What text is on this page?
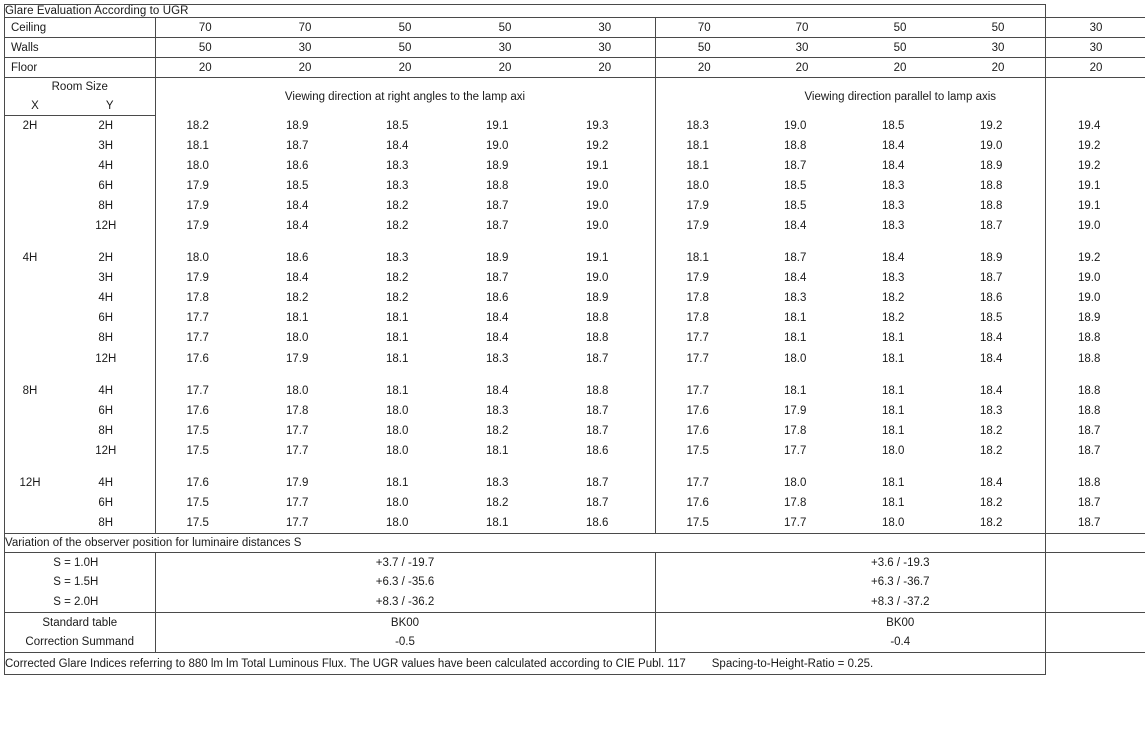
Glare Evaluation According to UGR											
Ceiling		70	70	50	50	30	70	70	50	50	30
Walls		50	30	50	30	30	50	30	50	30	30
Floor		20	20	20	20	20	20	20	20	20	20
Room Size		Viewing direction at right angles to the lamp axi					Viewing direction parallel to lamp axis				
X	Y										
2H	2H	18.2	18.9	18.5	19.1	19.3	18.3	19.0	18.5	19.2	19.4
	3H	18.1	18.7	18.4	19.0	19.2	18.1	18.8	18.4	19.0	19.2
	4H	18.0	18.6	18.3	18.9	19.1	18.1	18.7	18.4	18.9	19.2
	6H	17.9	18.5	18.3	18.8	19.0	18.0	18.5	18.3	18.8	19.1
	8H	17.9	18.4	18.2	18.7	19.0	17.9	18.5	18.3	18.8	19.1
	12H	17.9	18.4	18.2	18.7	19.0	17.9	18.4	18.3	18.7	19.0

4H	2H	18.0	18.6	18.3	18.9	19.1	18.1	18.7	18.4	18.9	19.2
	3H	17.9	18.4	18.2	18.7	19.0	17.9	18.4	18.3	18.7	19.0
	4H	17.8	18.2	18.2	18.6	18.9	17.8	18.3	18.2	18.6	19.0
	6H	17.7	18.1	18.1	18.4	18.8	17.8	18.1	18.2	18.5	18.9
	8H	17.7	18.0	18.1	18.4	18.8	17.7	18.1	18.1	18.4	18.8
	12H	17.6	17.9	18.1	18.3	18.7	17.7	18.0	18.1	18.4	18.8

8H	4H	17.7	18.0	18.1	18.4	18.8	17.7	18.1	18.1	18.4	18.8
	6H	17.6	17.8	18.0	18.3	18.7	17.6	17.9	18.1	18.3	18.8
	8H	17.5	17.7	18.0	18.2	18.7	17.6	17.8	18.1	18.2	18.7
	12H	17.5	17.7	18.0	18.1	18.6	17.5	17.7	18.0	18.2	18.7

12H	4H	17.6	17.9	18.1	18.3	18.7	17.7	18.0	18.1	18.4	18.8
	6H	17.5	17.7	18.0	18.2	18.7	17.6	17.8	18.1	18.2	18.7
	8H	17.5	17.7	18.0	18.1	18.6	17.5	17.7	18.0	18.2	18.7
Variation of the observer position for luminaire distances S											
S = 1.0H		+3.7 / -19.7					+3.6 / -19.3				
S = 1.5H		+6.3 / -35.6					+6.3 / -36.7				
S = 2.0H		+8.3 / -36.2					+8.3 / -37.2				
Standard table		BK00					BK00				
Correction Summand		-0.5					-0.4				

Corrected Glare Indices referring to 880 lm lm Total Luminous Flux. The UGR values have been calculated according to CIE Publ. 117 Spacing-to-Height-Ratio = 0.25.											
